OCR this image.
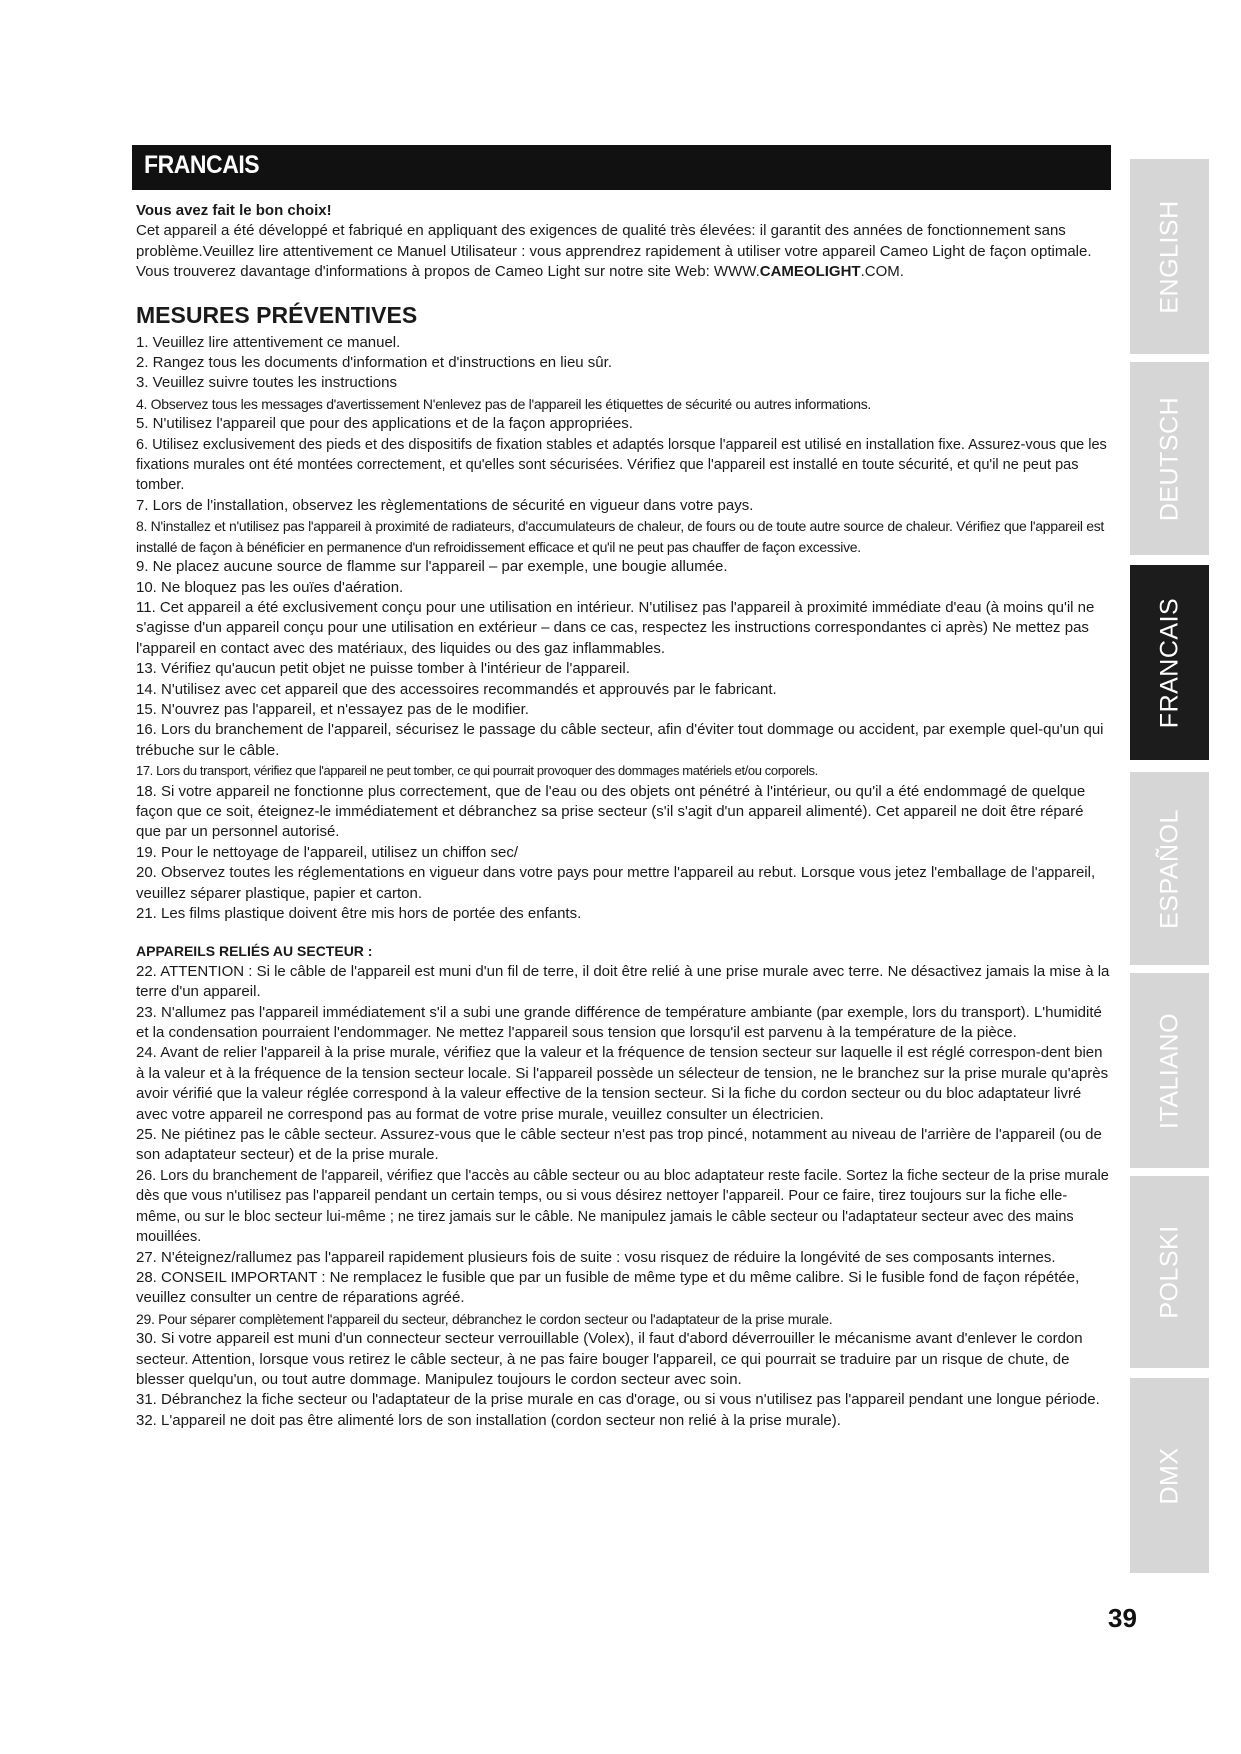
FRANCAIS

Vous avez fait le bon choix!

Cet appareil a été développé et fabriqué en appliquant des exigences de qualité très élevées: il garantit des années de fonctionnement sans problème.Veuillez lire attentivement ce Manuel Utilisateur : vous apprendrez rapidement à utiliser votre appareil Cameo Light de façon optimale. Vous trouverez davantage d'informations à propos de Cameo Light sur notre site Web: WWW.CAMEOLIGHT.COM.

MESURES PRÉVENTIVES

1. Veuillez lire attentivement ce manuel.

2. Rangez tous les documents d'information et d'instructions en lieu sûr.

3. Veuillez suivre toutes les instructions

4. Observez tous les messages d'avertissement N'enlevez pas de l'appareil les étiquettes de sécurité ou autres informations.

5. N'utilisez l'appareil que pour des applications et de la façon appropriées.

6. Utilisez exclusivement des pieds et des dispositifs de fixation stables et adaptés lorsque l'appareil est utilisé en installation fixe. Assurez-vous que les fixations murales ont été montées correctement, et qu'elles sont sécurisées. Vérifiez que l'appareil est installé en toute sécurité, et qu'il ne peut pas tomber.

7. Lors de l'installation, observez les règlementations de sécurité en vigueur dans votre pays.

8. N'installez et n'utilisez pas l'appareil à proximité de radiateurs, d'accumulateurs de chaleur, de fours ou de toute autre source de chaleur. Vérifiez que l'appareil est installé de façon à bénéficier en permanence d'un refroidissement efficace et qu'il ne peut pas chauffer de façon excessive.

9. Ne placez aucune source de flamme sur l'appareil – par exemple, une bougie allumée.

10. Ne bloquez pas les ouïes d'aération.

11. Cet appareil a été exclusivement conçu pour une utilisation en intérieur. N'utilisez pas l'appareil à proximité immédiate d'eau (à moins qu'il ne s'agisse d'un appareil conçu pour une utilisation en extérieur – dans ce cas, respectez les instructions correspondantes ci après) Ne mettez pas l'appareil en contact avec des matériaux, des liquides ou des gaz inflammables.

13. Vérifiez qu'aucun petit objet ne puisse tomber à l'intérieur de l'appareil.

14. N'utilisez avec cet appareil que des accessoires recommandés et approuvés par le fabricant.

15. N'ouvrez pas l'appareil, et n'essayez pas de le modifier.

16. Lors du branchement de l'appareil, sécurisez le passage du câble secteur, afin d'éviter tout dommage ou accident, par exemple quel-qu'un qui trébuche sur le câble.

17. Lors du transport, vérifiez que l'appareil ne peut tomber, ce qui pourrait provoquer des dommages matériels et/ou corporels.

18. Si votre appareil ne fonctionne plus correctement, que de l'eau ou des objets ont pénétré à l'intérieur, ou qu'il a été endommagé de quelque façon que ce soit, éteignez-le immédiatement et débranchez sa prise secteur (s'il s'agit d'un appareil alimenté). Cet appareil ne doit être réparé que par un personnel autorisé.

19. Pour le nettoyage de l'appareil, utilisez un chiffon sec/

20. Observez toutes les réglementations en vigueur dans votre pays pour mettre l'appareil au rebut. Lorsque vous jetez l'emballage de l'appareil, veuillez séparer plastique, papier et carton.

21. Les films plastique doivent être mis hors de portée des enfants.

APPAREILS RELIÉS AU SECTEUR :

22. ATTENTION : Si le câble de l'appareil est muni d'un fil de terre, il doit être relié à une prise murale avec terre. Ne désactivez jamais la mise à la terre d'un appareil.

23. N'allumez pas l'appareil immédiatement s'il a subi une grande différence de température ambiante (par exemple, lors du transport). L'humidité et la condensation pourraient l'endommager. Ne mettez l'appareil sous tension que lorsqu'il est parvenu à la température de la pièce.

24. Avant de relier l'appareil à la prise murale, vérifiez que la valeur et la fréquence de tension secteur sur laquelle il est réglé correspon-dent bien à la valeur et à la fréquence de la tension secteur locale. Si l'appareil possède un sélecteur de tension, ne le branchez sur la prise murale qu'après avoir vérifié que la valeur réglée correspond à la valeur effective de la tension secteur. Si la fiche du cordon secteur ou du bloc adaptateur livré avec votre appareil ne correspond pas au format de votre prise murale, veuillez consulter un électricien.

25. Ne piétinez pas le câble secteur. Assurez-vous que le câble secteur n'est pas trop pincé, notamment au niveau de l'arrière de l'appareil (ou de son adaptateur secteur) et de la prise murale.

26. Lors du branchement de l'appareil, vérifiez que l'accès au câble secteur ou au bloc adaptateur reste facile. Sortez la fiche secteur de la prise murale dès que vous n'utilisez pas l'appareil pendant un certain temps, ou si vous désirez nettoyer l'appareil. Pour ce faire, tirez toujours sur la fiche elle-même, ou sur le bloc secteur lui-même ; ne tirez jamais sur le câble. Ne manipulez jamais le câble secteur ou l'adaptateur secteur avec des mains mouillées.

27. N'éteignez/rallumez pas l'appareil rapidement plusieurs fois de suite : vosu risquez de réduire la longévité de ses composants internes.

28. CONSEIL IMPORTANT : Ne remplacez le fusible que par un fusible de même type et du même calibre. Si le fusible fond de façon répétée, veuillez consulter un centre de réparations agréé.

29. Pour séparer complètement l'appareil du secteur, débranchez le cordon secteur ou l'adaptateur de la prise murale.

30. Si votre appareil est muni d'un connecteur secteur verrouillable (Volex), il faut d'abord déverrouiller le mécanisme avant d'enlever le cordon secteur. Attention, lorsque vous retirez le câble secteur, à ne pas faire bouger l'appareil, ce qui pourrait se traduire par un risque de chute, de blesser quelqu'un, ou tout autre dommage. Manipulez toujours le cordon secteur avec soin.

31. Débranchez la fiche secteur ou l'adaptateur de la prise murale en cas d'orage, ou si vous n'utilisez pas l'appareil pendant une longue période.

32. L'appareil ne doit pas être alimenté lors de son installation (cordon secteur non relié à la prise murale).

ENGLISH
DEUTSCH
FRANCAIS
ESPAÑOL
ITALIANO
POLSKI
DMX
39
